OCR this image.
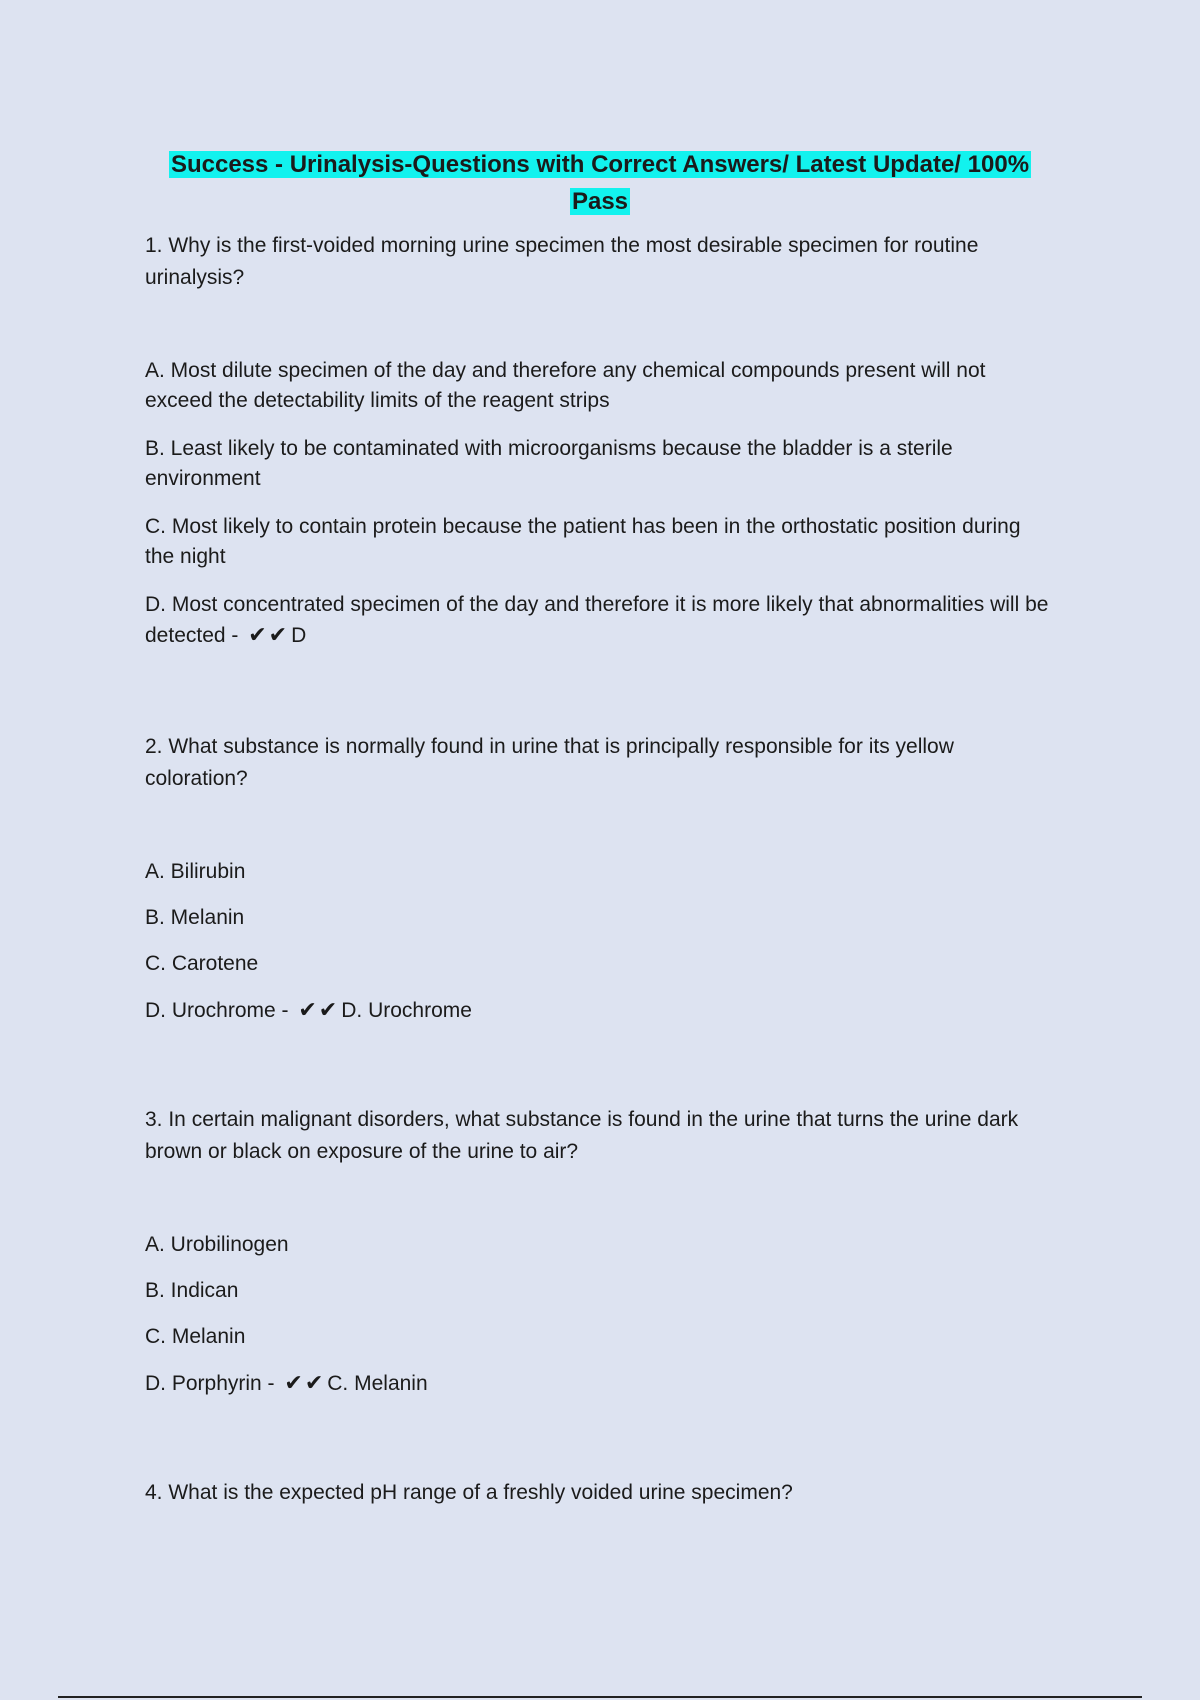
Success - Urinalysis-Questions with Correct Answers/ Latest Update/ 100%
Pass

1. Why is the first-voided morning urine specimen the most desirable specimen for routine urinalysis?

A. Most dilute specimen of the day and therefore any chemical compounds present will not exceed the detectability limits of the reagent strips

B. Least likely to be contaminated with microorganisms because the bladder is a sterile environment

C. Most likely to contain protein because the patient has been in the orthostatic position during the night

D. Most concentrated specimen of the day and therefore it is more likely that abnormalities will be detected - ✔✔D

2. What substance is normally found in urine that is principally responsible for its yellow coloration?

A. Bilirubin

B. Melanin

C. Carotene

D. Urochrome - ✔✔D. Urochrome

3. In certain malignant disorders, what substance is found in the urine that turns the urine dark brown or black on exposure of the urine to air?

A. Urobilinogen

B. Indican

C. Melanin

D. Porphyrin - ✔✔C. Melanin

4. What is the expected pH range of a freshly voided urine specimen?
